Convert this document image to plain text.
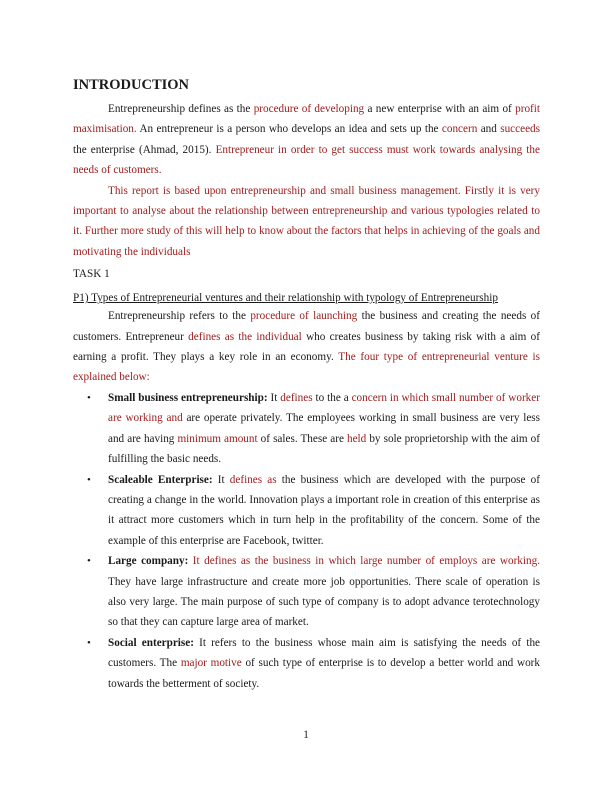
INTRODUCTION

Entrepreneurship defines as the procedure of developing a new enterprise with an aim of profit maximisation. An entrepreneur is a person who develops an idea and sets up the concern and succeeds the enterprise (Ahmad, 2015). Entrepreneur in order to get success must work towards analysing the needs of customers.

This report is based upon entrepreneurship and small business management. Firstly it is very important to analyse about the relationship between entrepreneurship and various typologies related to it. Further more study of this will help to know about the factors that helps in achieving of the goals and motivating the individuals

TASK 1
P1) Types of Entrepreneurial ventures and their relationship with typology of Entrepreneurship

Entrepreneurship refers to the procedure of launching the business and creating the needs of customers. Entrepreneur defines as the individual who creates business by taking risk with a aim of earning a profit. They plays a key role in an economy. The four type of entrepreneurial venture is explained below:

• Small business entrepreneurship: It defines to the a concern in which small number of worker are working and are operate privately. The employees working in small business are very less and are having minimum amount of sales. These are held by sole proprietorship with the aim of fulfilling the basic needs.
• Scaleable Enterprise: It defines as the business which are developed with the purpose of creating a change in the world. Innovation plays a important role in creation of this enterprise as it attract more customers which in turn help in the profitability of the concern. Some of the example of this enterprise are Facebook, twitter.
• Large company: It defines as the business in which large number of employs are working. They have large infrastructure and create more job opportunities. There scale of operation is also very large. The main purpose of such type of company is to adopt advance terotechnology so that they can capture large area of market.
• Social enterprise: It refers to the business whose main aim is satisfying the needs of the customers. The major motive of such type of enterprise is to develop a better world and work towards the betterment of society.
1
